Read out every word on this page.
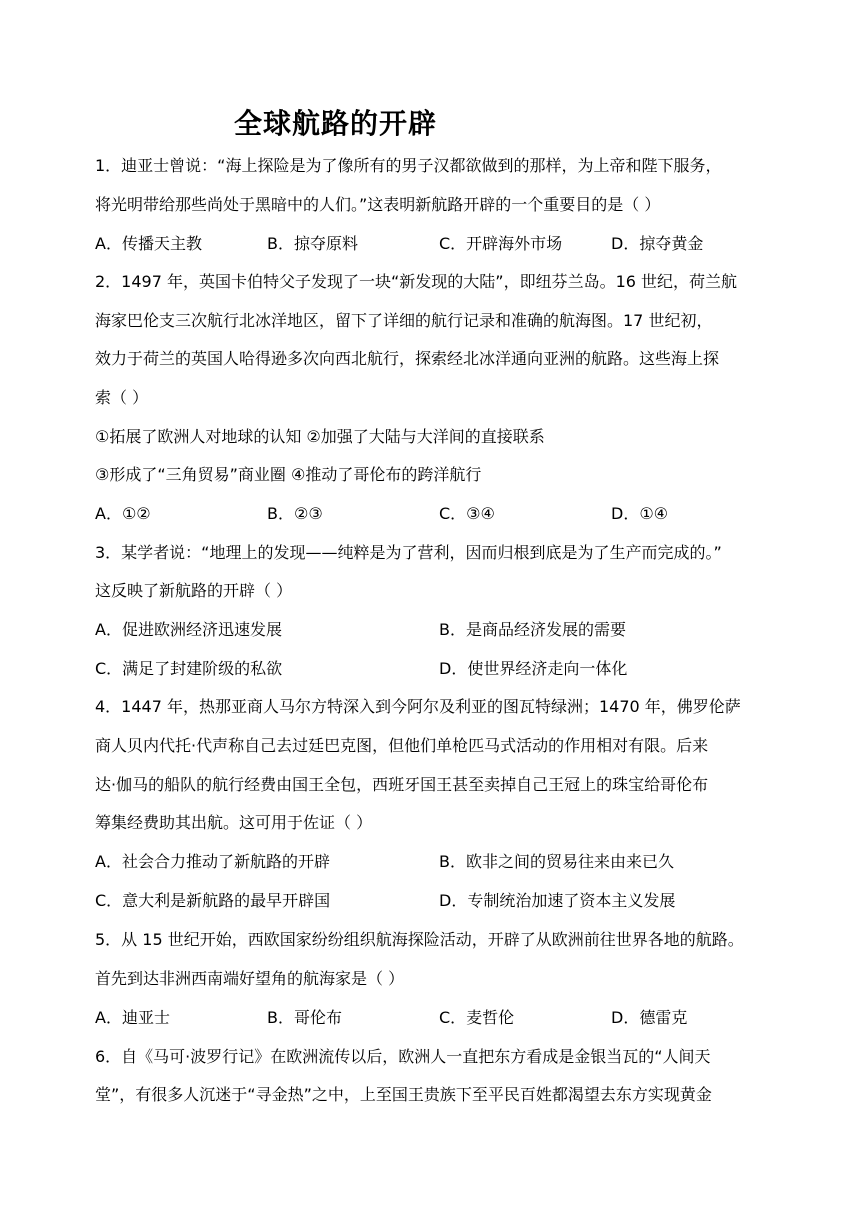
全球航路的开辟
1．迪亚士曾说：“海上探险是为了像所有的男子汉都欲做到的那样，为上帝和陛下服务，
将光明带给那些尚处于黑暗中的人们。”这表明新航路开辟的一个重要目的是（ ）
A．传播天主教	B．掠夺原料	C．开辟海外市场	D．掠夺黄金
2．1497 年，英国卡伯特父子发现了一块“新发现的大陆”，即纽芬兰岛。16 世纪，荷兰航
海家巴伦支三次航行北冰洋地区，留下了详细的航行记录和准确的航海图。17 世纪初，
效力于荷兰的英国人哈得逊多次向西北航行，探索经北冰洋通向亚洲的航路。这些海上探
索（ ）
①拓展了欧洲人对地球的认知 ②加强了大陆与大洋间的直接联系
③形成了“三角贸易”商业圈 ④推动了哥伦布的跨洋航行
A．①②	B．②③	C．③④	D．①④
3．某学者说：“地理上的发现——纯粹是为了营利，因而归根到底是为了生产而完成的。”
这反映了新航路的开辟（ ）
A．促进欧洲经济迅速发展	B．是商品经济发展的需要
C．满足了封建阶级的私欲	D．使世界经济走向一体化
4．1447 年，热那亚商人马尔方特深入到今阿尔及利亚的图瓦特绿洲；1470 年，佛罗伦萨
商人贝内代托·代声称自己去过廷巴克图，但他们单枪匹马式活动的作用相对有限。后来
达·伽马的船队的航行经费由国王全包，西班牙国王甚至卖掉自己王冠上的珠宝给哥伦布
筹集经费助其出航。这可用于佐证（ ）
A．社会合力推动了新航路的开辟	B．欧非之间的贸易往来由来已久
C．意大利是新航路的最早开辟国	D．专制统治加速了资本主义发展
5．从 15 世纪开始，西欧国家纷纷组织航海探险活动，开辟了从欧洲前往世界各地的航路。
首先到达非洲西南端好望角的航海家是（ ）
A．迪亚士	B．哥伦布	C．麦哲伦	D．德雷克
6．自《马可·波罗行记》在欧洲流传以后，欧洲人一直把东方看成是金银当瓦的“人间天
堂”，有很多人沉迷于“寻金热”之中，上至国王贵族下至平民百姓都渴望去东方实现黄金
